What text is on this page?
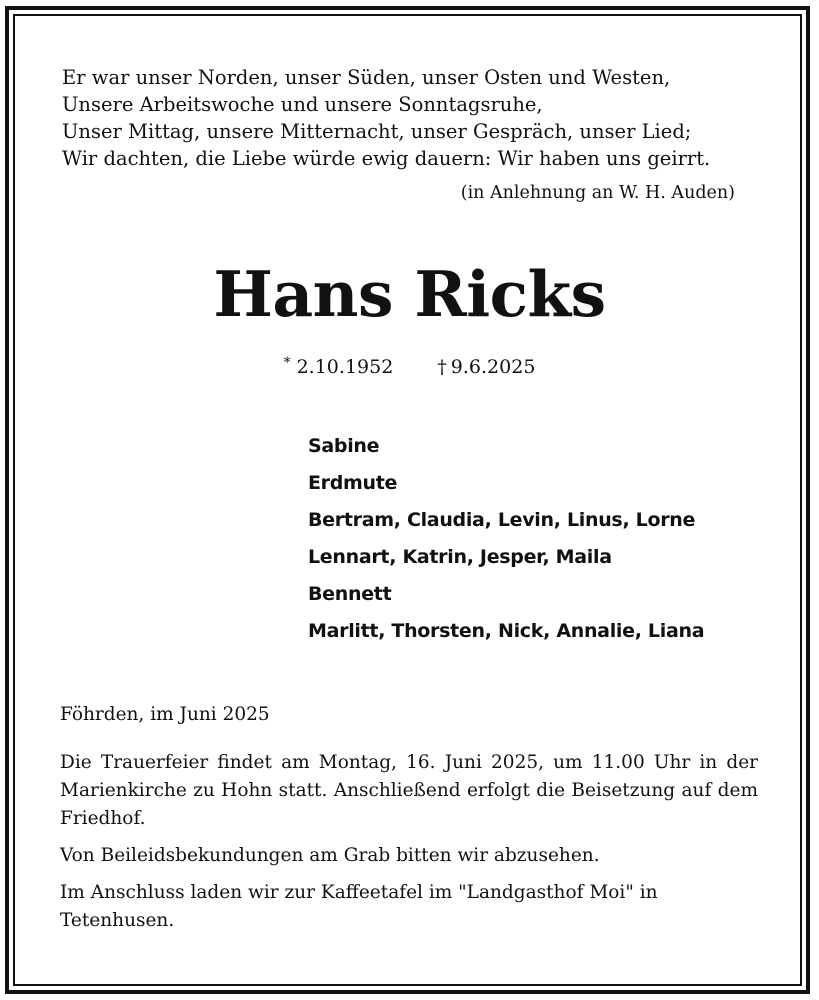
Er war unser Norden, unser Süden, unser Osten und Westen,
Unsere Arbeitswoche und unsere Sonntagsruhe,
Unser Mittag, unsere Mitternacht, unser Gespräch, unser Lied;
Wir dachten, die Liebe würde ewig dauern: Wir haben uns geirrt.
(in Anlehnung an W. H. Auden)
Hans Ricks
* 2.10.1952 † 9.6.2025
Sabine
Erdmute
Bertram, Claudia, Levin, Linus, Lorne
Lennart, Katrin, Jesper, Maila
Bennett
Marlitt, Thorsten, Nick, Annalie, Liana
Föhrden, im Juni 2025

Die Trauerfeier findet am Montag, 16. Juni 2025, um 11.00 Uhr in der Marienkirche zu Hohn statt. Anschließend erfolgt die Beisetzung auf dem Friedhof.

Von Beileidsbekundungen am Grab bitten wir abzusehen.

Im Anschluss laden wir zur Kaffeetafel im "Landgasthof Moi" in Tetenhusen.
